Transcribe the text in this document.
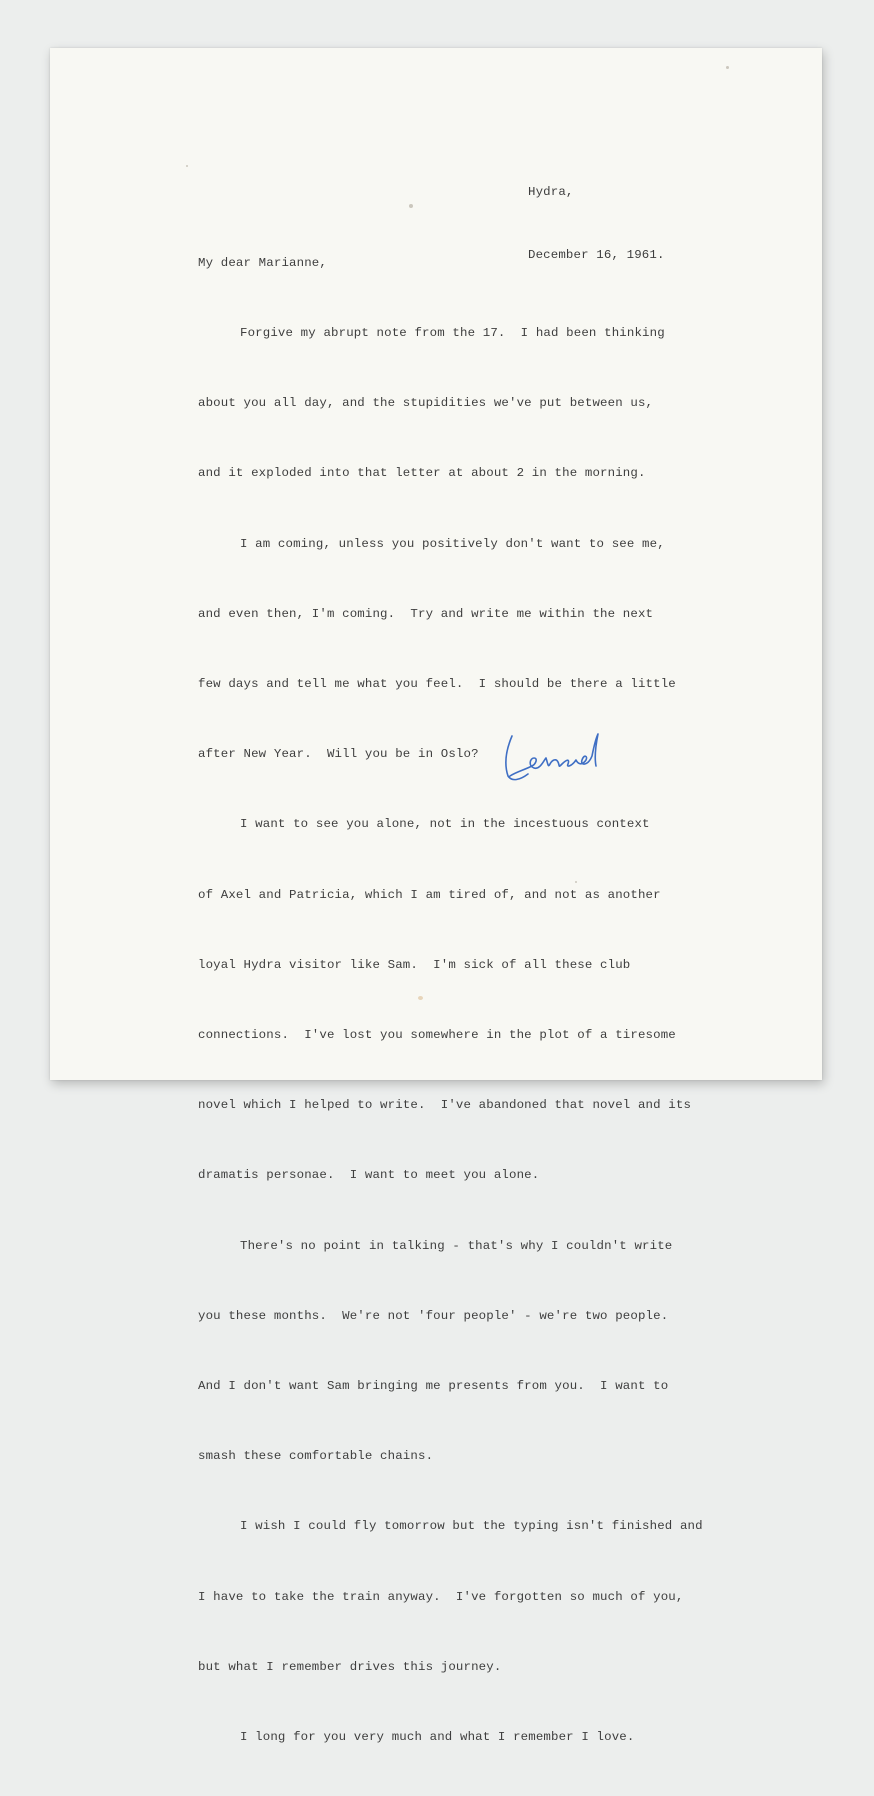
Hydra,

December 16, 1961.

My dear Marianne,

Forgive my abrupt note from the 17.  I had been thinking

about you all day, and the stupidities we've put between us,

and it exploded into that letter at about 2 in the morning.

I am coming, unless you positively don't want to see me,

and even then, I'm coming.  Try and write me within the next

few days and tell me what you feel.  I should be there a little

after New Year.  Will you be in Oslo?

I want to see you alone, not in the incestuous context

of Axel and Patricia, which I am tired of, and not as another

loyal Hydra visitor like Sam.  I'm sick of all these club

connections.  I've lost you somewhere in the plot of a tiresome

novel which I helped to write.  I've abandoned that novel and its

dramatis personae.  I want to meet you alone.

There's no point in talking - that's why I couldn't write

you these months.  We're not 'four people' - we're two people.

And I don't want Sam bringing me presents from you.  I want to

smash these comfortable chains.

I wish I could fly tomorrow but the typing isn't finished and

I have to take the train anyway.  I've forgotten so much of you,

but what I remember drives this journey.

I long for you very much and what I remember I love.
